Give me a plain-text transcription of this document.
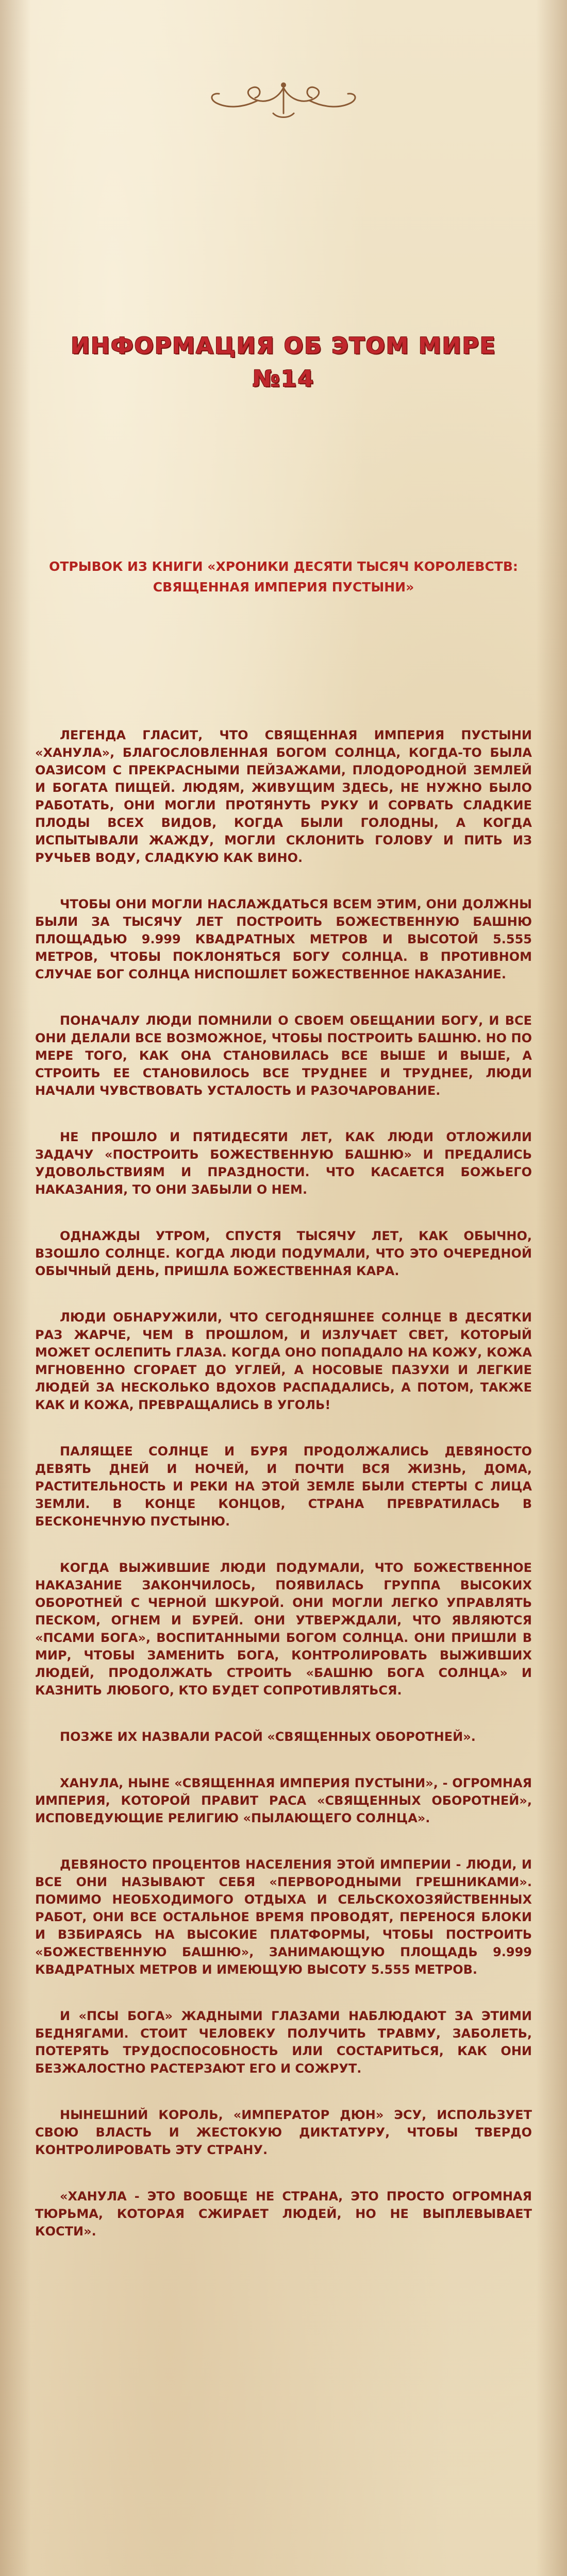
ИНФОРМАЦИЯ ОБ ЭТОМ МИРЕ
№14
ОТРЫВОК ИЗ КНИГИ «ХРОНИКИ ДЕСЯТИ ТЫСЯЧ КОРОЛЕВСТВ: СВЯЩЕННАЯ ИМПЕРИЯ ПУСТЫНИ»

ЛЕГЕНДА ГЛАСИТ, ЧТО СВЯЩЕННАЯ ИМПЕРИЯ ПУСТЫНИ «ХАНУЛА», БЛАГОСЛОВЛЕННАЯ БОГОМ СОЛНЦА, КОГДА-ТО БЫЛА ОАЗИСОМ С ПРЕКРАСНЫМИ ПЕЙЗАЖАМИ, ПЛОДОРОДНОЙ ЗЕМЛЕЙ И БОГАТА ПИЩЕЙ. ЛЮДЯМ, ЖИВУЩИМ ЗДЕСЬ, НЕ НУЖНО БЫЛО РАБОТАТЬ, ОНИ МОГЛИ ПРОТЯНУТЬ РУКУ И СОРВАТЬ СЛАДКИЕ ПЛОДЫ ВСЕХ ВИДОВ, КОГДА БЫЛИ ГОЛОДНЫ, А КОГДА ИСПЫТЫВАЛИ ЖАЖДУ, МОГЛИ СКЛОНИТЬ ГОЛОВУ И ПИТЬ ИЗ РУЧЬЕВ ВОДУ, СЛАДКУЮ КАК ВИНО.

ЧТОБЫ ОНИ МОГЛИ НАСЛАЖДАТЬСЯ ВСЕМ ЭТИМ, ОНИ ДОЛЖНЫ БЫЛИ ЗА ТЫСЯЧУ ЛЕТ ПОСТРОИТЬ БОЖЕСТВЕННУЮ БАШНЮ ПЛОЩАДЬЮ 9.999 КВАДРАТНЫХ МЕТРОВ И ВЫСОТОЙ 5.555 МЕТРОВ, ЧТОБЫ ПОКЛОНЯТЬСЯ БОГУ СОЛНЦА. В ПРОТИВНОМ СЛУЧАЕ БОГ СОЛНЦА НИСПОШЛЕТ БОЖЕСТВЕННОЕ НАКАЗАНИЕ.

ПОНАЧАЛУ ЛЮДИ ПОМНИЛИ О СВОЕМ ОБЕЩАНИИ БОГУ, И ВСЕ ОНИ ДЕЛАЛИ ВСЕ ВОЗМОЖНОЕ, ЧТОБЫ ПОСТРОИТЬ БАШНЮ. НО ПО МЕРЕ ТОГО, КАК ОНА СТАНОВИЛАСЬ ВСЕ ВЫШЕ И ВЫШЕ, А СТРОИТЬ ЕЕ СТАНОВИЛОСЬ ВСЕ ТРУДНЕЕ И ТРУДНЕЕ, ЛЮДИ НАЧАЛИ ЧУВСТВОВАТЬ УСТАЛОСТЬ И РАЗОЧАРОВАНИЕ.

НЕ ПРОШЛО И ПЯТИДЕСЯТИ ЛЕТ, КАК ЛЮДИ ОТЛОЖИЛИ ЗАДАЧУ «ПОСТРОИТЬ БОЖЕСТВЕННУЮ БАШНЮ» И ПРЕДАЛИСЬ УДОВОЛЬСТВИЯМ И ПРАЗДНОСТИ. ЧТО КАСАЕТСЯ БОЖЬЕГО НАКАЗАНИЯ, ТО ОНИ ЗАБЫЛИ О НЕМ.

ОДНАЖДЫ УТРОМ, СПУСТЯ ТЫСЯЧУ ЛЕТ, КАК ОБЫЧНО, ВЗОШЛО СОЛНЦЕ. КОГДА ЛЮДИ ПОДУМАЛИ, ЧТО ЭТО ОЧЕРЕДНОЙ ОБЫЧНЫЙ ДЕНЬ, ПРИШЛА БОЖЕСТВЕННАЯ КАРА.

ЛЮДИ ОБНАРУЖИЛИ, ЧТО СЕГОДНЯШНЕЕ СОЛНЦЕ В ДЕСЯТКИ РАЗ ЖАРЧЕ, ЧЕМ В ПРОШЛОМ, И ИЗЛУЧАЕТ СВЕТ, КОТОРЫЙ МОЖЕТ ОСЛЕПИТЬ ГЛАЗА. КОГДА ОНО ПОПАДАЛО НА КОЖУ, КОЖА МГНОВЕННО СГОРАЕТ ДО УГЛЕЙ, А НОСОВЫЕ ПАЗУХИ И ЛЕГКИЕ ЛЮДЕЙ ЗА НЕСКОЛЬКО ВДОХОВ РАСПАДАЛИСЬ, А ПОТОМ, ТАКЖЕ КАК И КОЖА, ПРЕВРАЩАЛИСЬ В УГОЛЬ!

ПАЛЯЩЕЕ СОЛНЦЕ И БУРЯ ПРОДОЛЖАЛИСЬ ДЕВЯНОСТО ДЕВЯТЬ ДНЕЙ И НОЧЕЙ, И ПОЧТИ ВСЯ ЖИЗНЬ, ДОМА, РАСТИТЕЛЬНОСТЬ И РЕКИ НА ЭТОЙ ЗЕМЛЕ БЫЛИ СТЕРТЫ С ЛИЦА ЗЕМЛИ. В КОНЦЕ КОНЦОВ, СТРАНА ПРЕВРАТИЛАСЬ В БЕСКОНЕЧНУЮ ПУСТЫНЮ.

КОГДА ВЫЖИВШИЕ ЛЮДИ ПОДУМАЛИ, ЧТО БОЖЕСТВЕННОЕ НАКАЗАНИЕ ЗАКОНЧИЛОСЬ, ПОЯВИЛАСЬ ГРУППА ВЫСОКИХ ОБОРОТНЕЙ С ЧЕРНОЙ ШКУРОЙ. ОНИ МОГЛИ ЛЕГКО УПРАВЛЯТЬ ПЕСКОМ, ОГНЕМ И БУРЕЙ. ОНИ УТВЕРЖДАЛИ, ЧТО ЯВЛЯЮТСЯ «ПСАМИ БОГА», ВОСПИТАННЫМИ БОГОМ СОЛНЦА. ОНИ ПРИШЛИ В МИР, ЧТОБЫ ЗАМЕНИТЬ БОГА, КОНТРОЛИРОВАТЬ ВЫЖИВШИХ ЛЮДЕЙ, ПРОДОЛЖАТЬ СТРОИТЬ «БАШНЮ БОГА СОЛНЦА» И КАЗНИТЬ ЛЮБОГО, КТО БУДЕТ СОПРОТИВЛЯТЬСЯ.

ПОЗЖЕ ИХ НАЗВАЛИ РАСОЙ «СВЯЩЕННЫХ ОБОРОТНЕЙ».

ХАНУЛА, НЫНЕ «СВЯЩЕННАЯ ИМПЕРИЯ ПУСТЫНИ», - ОГРОМНАЯ ИМПЕРИЯ, КОТОРОЙ ПРАВИТ РАСА «СВЯЩЕННЫХ ОБОРОТНЕЙ», ИСПОВЕДУЮЩИЕ РЕЛИГИЮ «ПЫЛАЮЩЕГО СОЛНЦА».

ДЕВЯНОСТО ПРОЦЕНТОВ НАСЕЛЕНИЯ ЭТОЙ ИМПЕРИИ - ЛЮДИ, И ВСЕ ОНИ НАЗЫВАЮТ СЕБЯ «ПЕРВОРОДНЫМИ ГРЕШНИКАМИ». ПОМИМО НЕОБХОДИМОГО ОТДЫХА И СЕЛЬСКОХОЗЯЙСТВЕННЫХ РАБОТ, ОНИ ВСЕ ОСТАЛЬНОЕ ВРЕМЯ ПРОВОДЯТ, ПЕРЕНОСЯ БЛОКИ И ВЗБИРАЯСЬ НА ВЫСОКИЕ ПЛАТФОРМЫ, ЧТОБЫ ПОСТРОИТЬ «БОЖЕСТВЕННУЮ БАШНЮ», ЗАНИМАЮЩУЮ ПЛОЩАДЬ 9.999 КВАДРАТНЫХ МЕТРОВ И ИМЕЮЩУЮ ВЫСОТУ 5.555 МЕТРОВ.

И «ПСЫ БОГА» ЖАДНЫМИ ГЛАЗАМИ НАБЛЮДАЮТ ЗА ЭТИМИ БЕДНЯГАМИ. СТОИТ ЧЕЛОВЕКУ ПОЛУЧИТЬ ТРАВМУ, ЗАБОЛЕТЬ, ПОТЕРЯТЬ ТРУДОСПОСОБНОСТЬ ИЛИ СОСТАРИТЬСЯ, КАК ОНИ БЕЗЖАЛОСТНО РАСТЕРЗАЮТ ЕГО И СОЖРУТ.

НЫНЕШНИЙ КОРОЛЬ, «ИМПЕРАТОР ДЮН» ЭСУ, ИСПОЛЬЗУЕТ СВОЮ ВЛАСТЬ И ЖЕСТОКУЮ ДИКТАТУРУ, ЧТОБЫ ТВЕРДО КОНТРОЛИРОВАТЬ ЭТУ СТРАНУ.

«ХАНУЛА - ЭТО ВООБЩЕ НЕ СТРАНА, ЭТО ПРОСТО ОГРОМНАЯ ТЮРЬМА, КОТОРАЯ СЖИРАЕТ ЛЮДЕЙ, НО НЕ ВЫПЛЕВЫВАЕТ КОСТИ».
